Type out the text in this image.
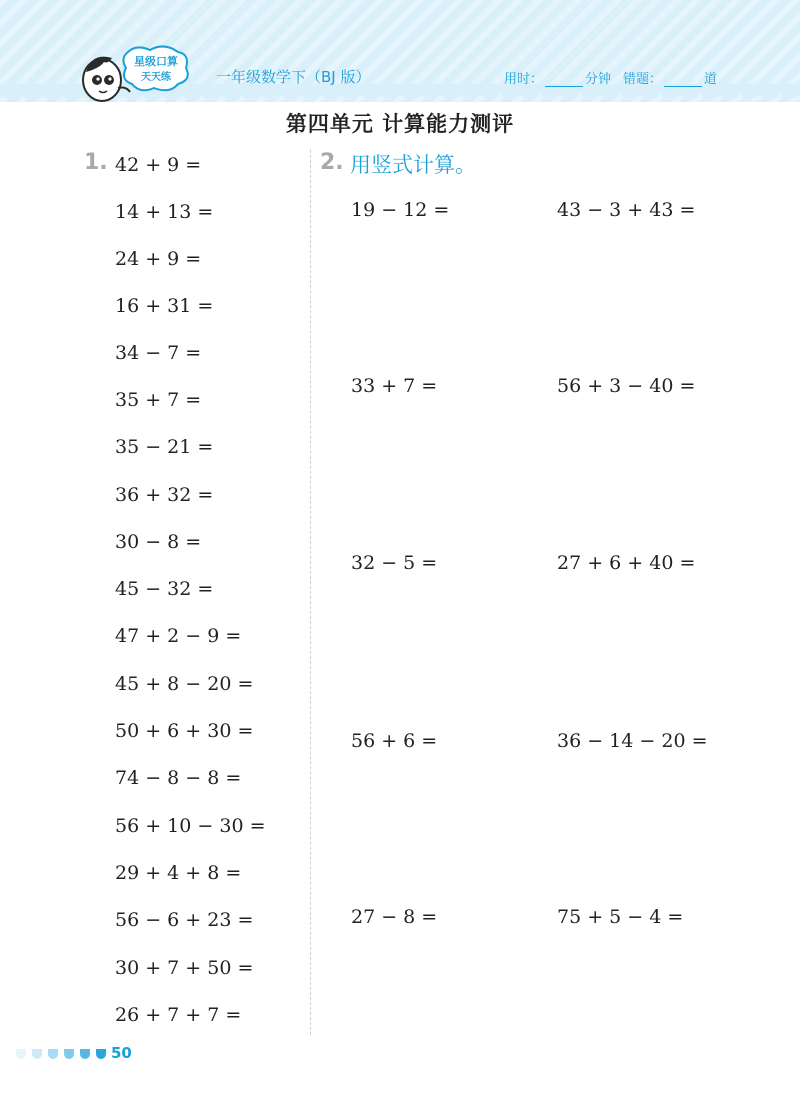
星级口算
天天练	一年级数学下（BJ 版）	用时：	分钟 错题：	道
第四单元 计算能力测评
1. 42 + 9 =
14 + 13 =
24 + 9 =
16 + 31 =
34 − 7 =
35 + 7 =
35 − 21 =
36 + 32 =
30 − 8 =
45 − 32 =
47 + 2 − 9 =
45 + 8 − 20 =
50 + 6 + 30 =
74 − 8 − 8 =
56 + 10 − 30 =
29 + 4 + 8 =
56 − 6 + 23 =
30 + 7 + 50 =
26 + 7 + 7 =
2. 用竖式计算。
19 − 12 =	43 − 3 + 43 =
33 + 7 =	56 + 3 − 40 =
32 − 5 =	27 + 6 + 40 =
56 + 6 =	36 − 14 − 20 =
27 − 8 =	75 + 5 − 4 =
50
